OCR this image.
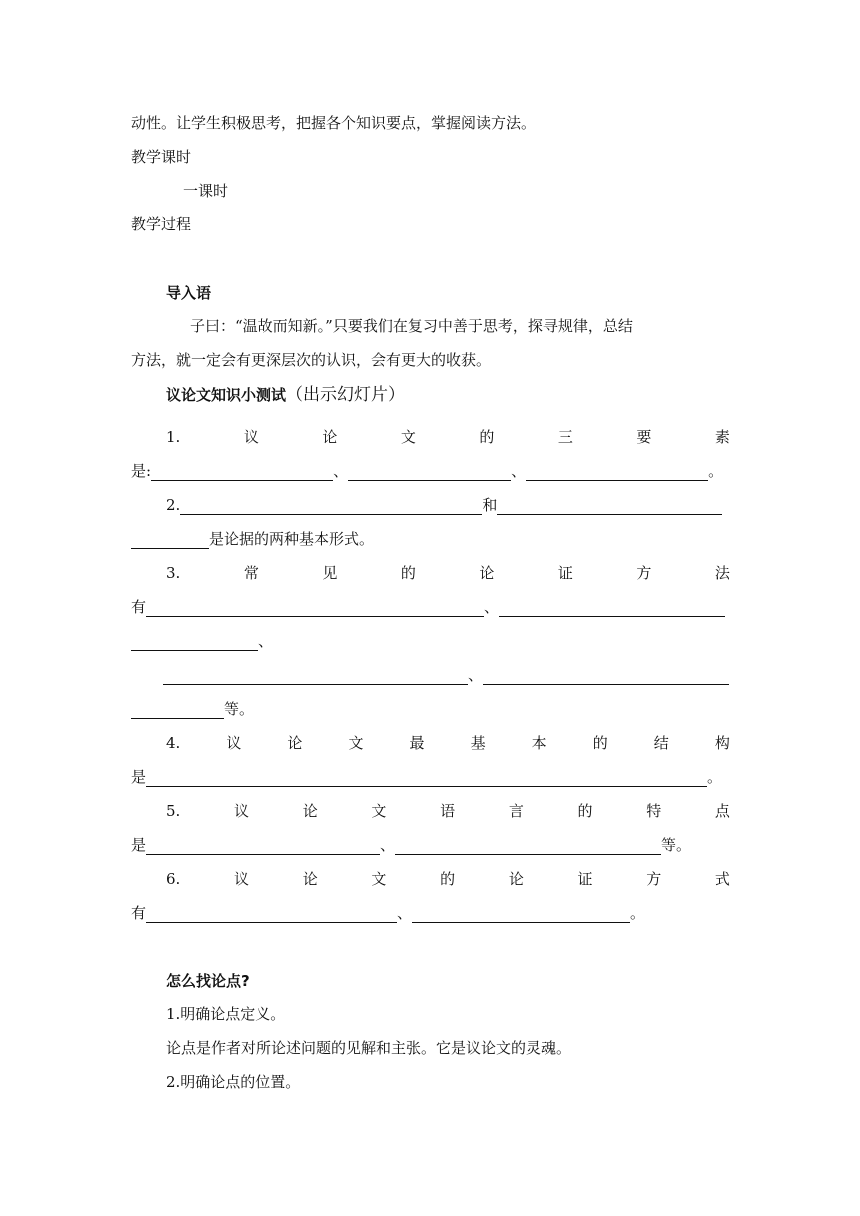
动性。让学生积极思考，把握各个知识要点，掌握阅读方法。
教学课时
一课时
教学过程
导入语
子曰：“温故而知新。”只要我们在复习中善于思考，探寻规律，总结
方法，就一定会有更深层次的认识，会有更大的收获。
议论文知识小测试（出示幻灯片）
1.	议	论	文	的	三	要	素
是:	、	、	。
2.	和
是论据的两种基本形式。
3.	常	见	的	论	证	方	法
有	、
、
、
等。
4.	议	论	文	最	基	本	的	结	构
是	。
5.	议	论	文	语	言	的	特	点
是	、	等。
6.	议	论	文	的	论	证	方	式
有	、	。
怎么找论点?
1.明确论点定义。
论点是作者对所论述问题的见解和主张。它是议论文的灵魂。
2.明确论点的位置。
